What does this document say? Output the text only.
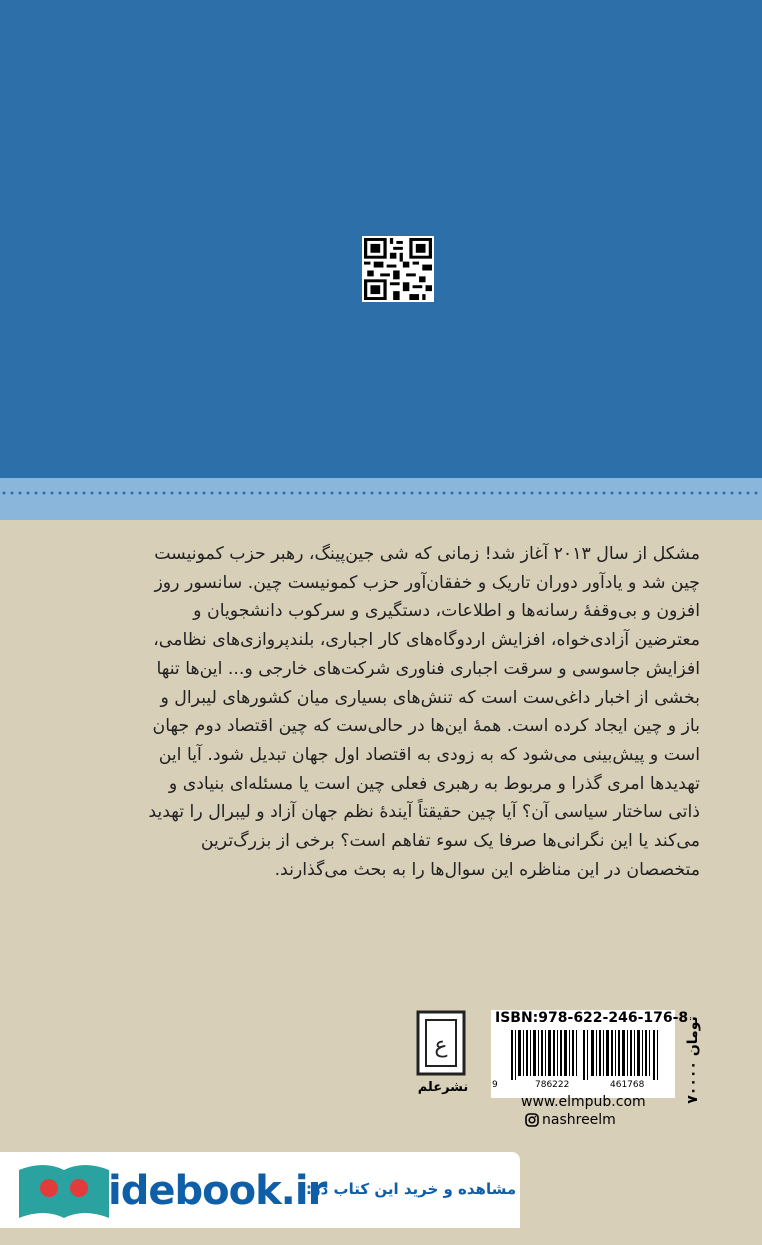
مشکل از سال ۲۰۱۳ آغاز شد! زمانی که شی جین‌پینگ، رهبر حزب کمونیست
چین شد و یادآور دوران تاریک و خفقان‌آور حزب کمونیست چین. سانسور روز
افزون و بی‌وقفهٔ رسانه‌ها و اطلاعات، دستگیری و سرکوب دانشجویان و
معترضین آزادی‌خواه، افزایش اردوگاه‌های کار اجباری، بلندپروازی‌های نظامی،
افزایش جاسوسی و سرقت اجباری فناوری شرکت‌های خارجی و... این‌ها تنها
بخشی از اخبار داغی‌ست است که تنش‌های بسیاری میان کشورهای لیبرال و
باز و چین ایجاد کرده است. همهٔ این‌ها در حالی‌ست که چین اقتصاد دوم جهان
است و پیش‌بینی می‌شود که به زودی به اقتصاد اول جهان تبدیل شود. آیا این
تهدیدها امری گذرا و مربوط به رهبری فعلی چین است یا مسئله‌ای بنیادی و
ذاتی ساختار سیاسی آن؟ آیا چین حقیقتاً آیندهٔ نظم جهان آزاد و لیبرال را تهدید
می‌کند یا این نگرانی‌ها صرفا یک سوء تفاهم است؟ برخی از بزرگ‌ترین
متخصصان در این مناظره این سوال‌ها را به بحث می‌گذارند.
۷۰۰۰۰ تومان
ISBN:978-622-246-176-8
9	786222	461768
www.elmpub.com
nashreelm
ع
نشرعلم
idebook.ir
مشاهده و خرید این کتاب در:
